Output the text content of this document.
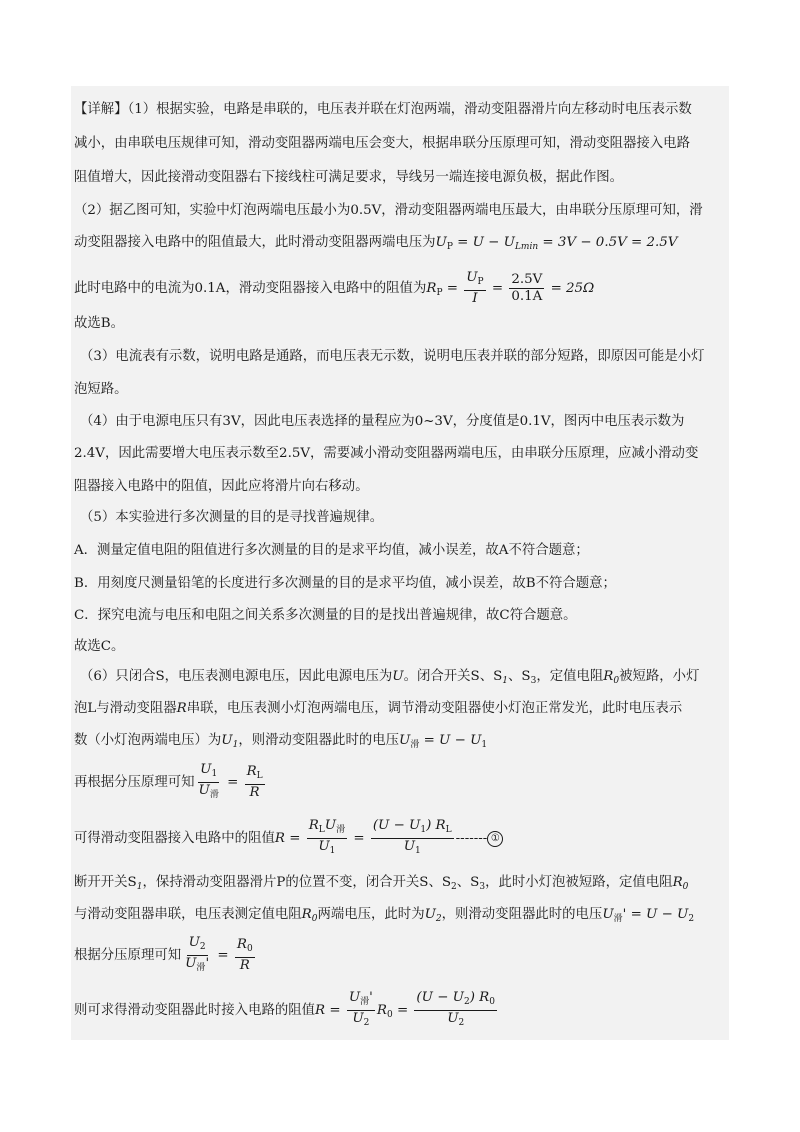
【详解】（1）根据实验，电路是串联的，电压表并联在灯泡两端，滑动变阻器滑片向左移动时电压表示数
减小，由串联电压规律可知，滑动变阻器两端电压会变大，根据串联分压原理可知，滑动变阻器接入电路
阻值增大，因此接滑动变阻器右下接线柱可满足要求，导线另一端连接电源负极，据此作图。
（2）据乙图可知，实验中灯泡两端电压最小为0.5V，滑动变阻器两端电压最大，由串联分压原理可知，滑
动变阻器接入电路中的阻值最大，此时滑动变阻器两端电压为$U_P = U - U_{Lmin} = 3V - 0.5V = 2.5V$
此时电路中的电流为0.1A，滑动变阻器接入电路中的阻值为$R_P = \frac{U_P}{I} = \frac{2.5V}{0.1A} = 25\Omega$
故选B。
（3）电流表有示数，说明电路是通路，而电压表无示数，说明电压表并联的部分短路，即原因可能是小灯
泡短路。
（4）由于电源电压只有3V，因此电压表选择的量程应为0~3V，分度值是0.1V，图丙中电压表示数为
2.4V，因此需要增大电压表示数至2.5V，需要减小滑动变阻器两端电压，由串联分压原理，应减小滑动变
阻器接入电路中的阻值，因此应将滑片向右移动。
（5）本实验进行多次测量的目的是寻找普遍规律。
A．测量定值电阻的阻值进行多次测量的目的是求平均值，减小误差，故A不符合题意；
B．用刻度尺测量铅笔的长度进行多次测量的目的是求平均值，减小误差，故B不符合题意；
C．探究电流与电压和电阻之间关系多次测量的目的是找出普遍规律，故C符合题意。
故选C。
（6）只闭合S，电压表测电源电压，因此电源电压为U。闭合开关S、$S_1$、$S_3$，定值电阻$R_0$被短路，小灯
泡L与滑动变阻器R串联，电压表测小灯泡两端电压，调节滑动变阻器使小灯泡正常发光，此时电压表示
数（小灯泡两端电压）为$U_1$，则滑动变阻器此时的电压$U_滑 = U - U_1$
再根据分压原理可知 $\frac{U_1}{U_滑} = \frac{R_L}{R}$
可得滑动变阻器接入电路中的阻值$R = \frac{R_LU_滑}{U_1} = \frac{(U - U_1) R_L}{U_1}$ ------- ①
断开开关$S_1$，保持滑动变阻器滑片P的位置不变，闭合开关S、$S_2$、$S_3$，此时小灯泡被短路，定值电阻$R_0$
与滑动变阻器串联，电压表测定值电阻$R_0$两端电压，此时为$U_2$，则滑动变阻器此时的电压$U_滑' = U - U_2$
根据分压原理可知 $\frac{U_2}{U_滑'} = \frac{R_0}{R}$
则可求得滑动变阻器此时接入电路的阻值$R = \frac{U_滑'}{U_2} R_0 = \frac{(U - U_2) R_0}{U_2}$
